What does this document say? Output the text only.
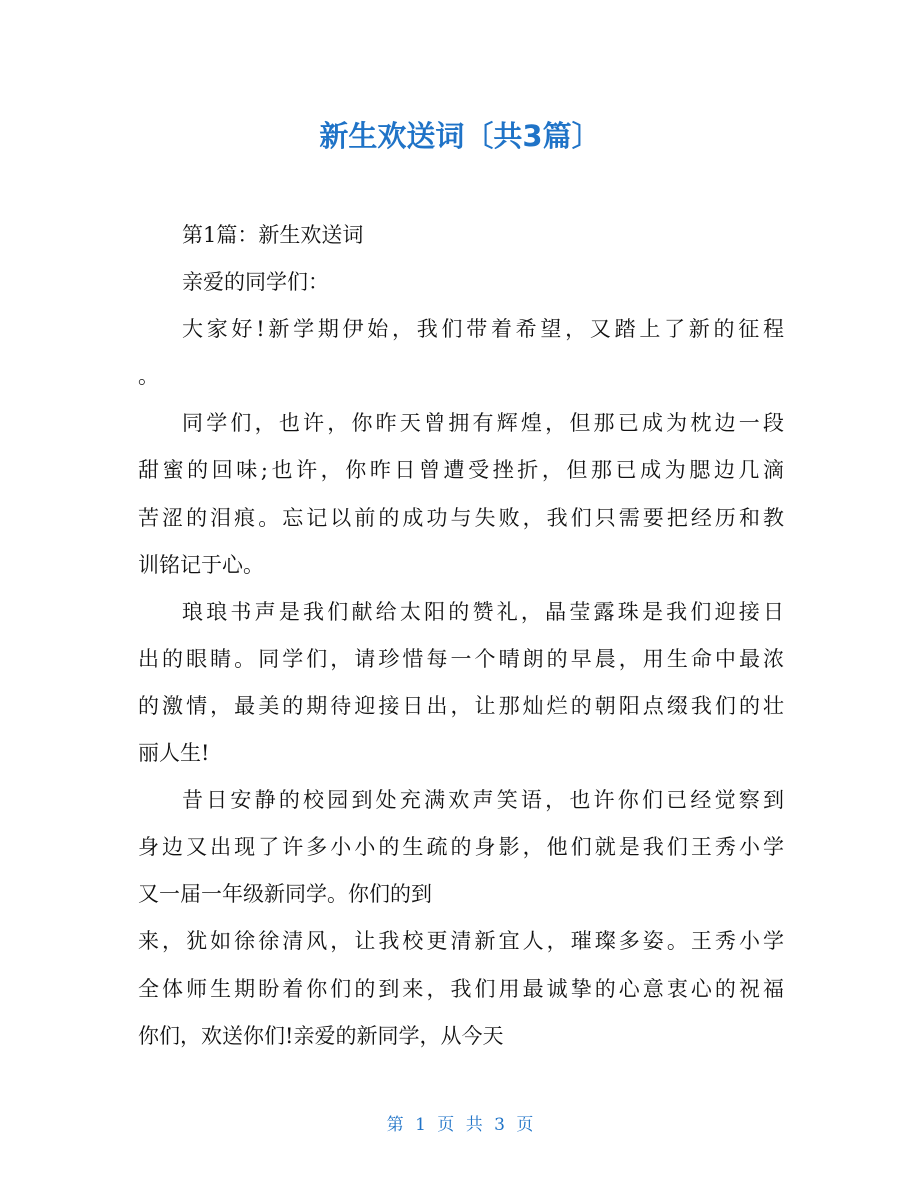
新生欢送词〔共3篇〕
第1篇：新生欢送词
亲爱的同学们：
大家好!新学期伊始，我们带着希望，又踏上了新的征程
。
同学们，也许，你昨天曾拥有辉煌，但那已成为枕边一段
甜蜜的回味;也许，你昨日曾遭受挫折，但那已成为腮边几滴
苦涩的泪痕。忘记以前的成功与失败，我们只需要把经历和教
训铭记于心。
琅琅书声是我们献给太阳的赞礼，晶莹露珠是我们迎接日
出的眼睛。同学们，请珍惜每一个晴朗的早晨，用生命中最浓
的激情，最美的期待迎接日出，让那灿烂的朝阳点缀我们的壮
丽人生!
昔日安静的校园到处充满欢声笑语，也许你们已经觉察到
身边又出现了许多小小的生疏的身影，他们就是我们王秀小学
又一届一年级新同学。你们的到
来，犹如徐徐清风，让我校更清新宜人，璀璨多姿。王秀小学
全体师生期盼着你们的到来，我们用最诚挚的心意衷心的祝福
你们，欢送你们!亲爱的新同学，从今天
第 1 页 共 3 页
